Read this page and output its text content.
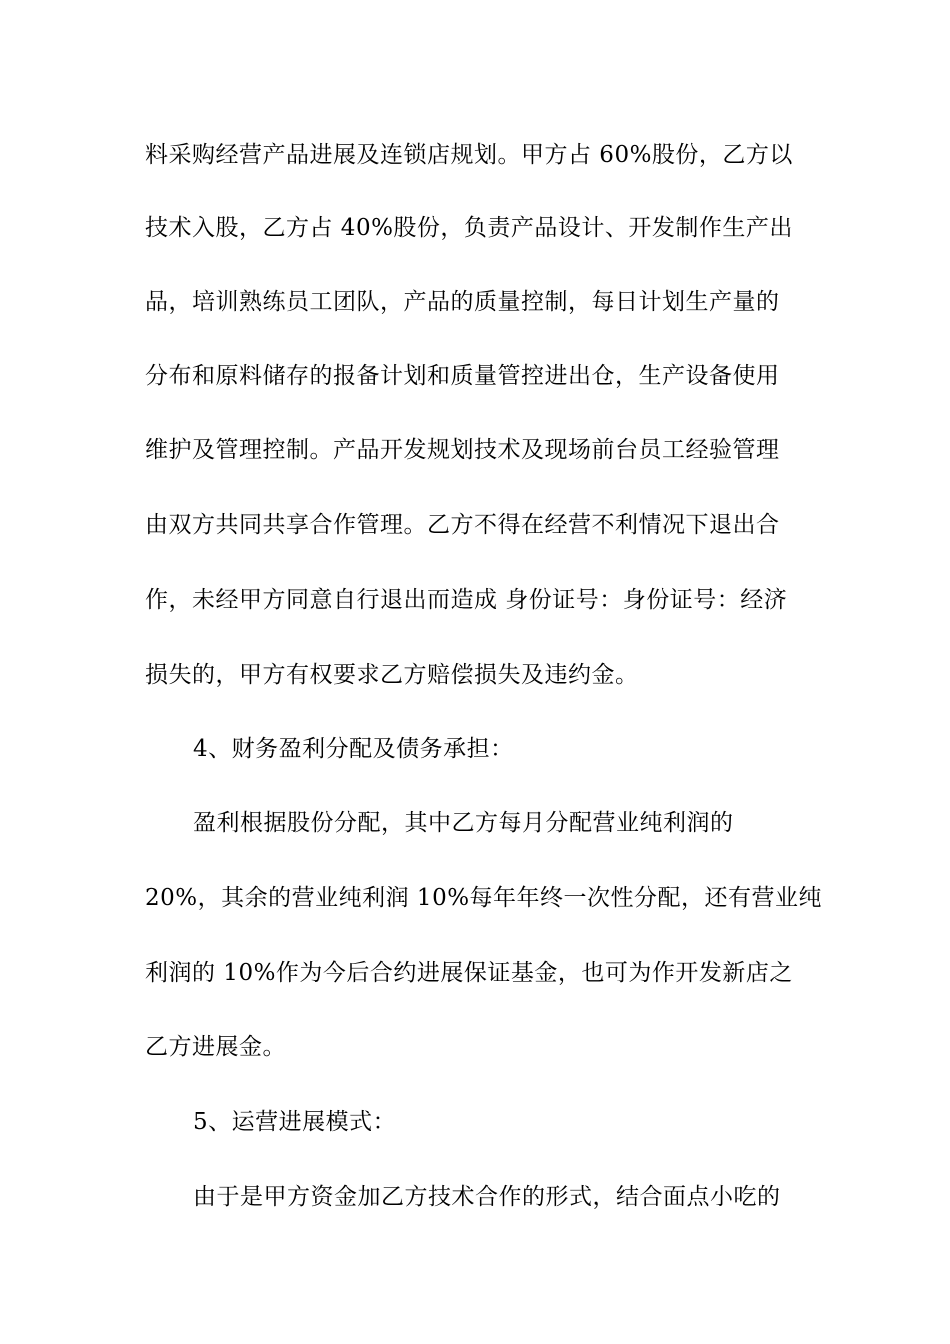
料采购经营产品进展及连锁店规划。甲方占 60%股份，乙方以
技术入股，乙方占 40%股份，负责产品设计、开发制作生产出
品，培训熟练员工团队，产品的质量控制，每日计划生产量的
分布和原料储存的报备计划和质量管控进出仓，生产设备使用
维护及管理控制。产品开发规划技术及现场前台员工经验管理
由双方共同共享合作管理。乙方不得在经营不利情况下退出合
作，未经甲方同意自行退出而造成 身份证号：身份证号：经济
损失的，甲方有权要求乙方赔偿损失及违约金。
4、财务盈利分配及债务承担：
盈利根据股份分配，其中乙方每月分配营业纯利润的
20%，其余的营业纯利润 10%每年年终一次性分配，还有营业纯
利润的 10%作为今后合约进展保证基金，也可为作开发新店之
乙方进展金。
5、运营进展模式：
由于是甲方资金加乙方技术合作的形式，结合面点小吃的
